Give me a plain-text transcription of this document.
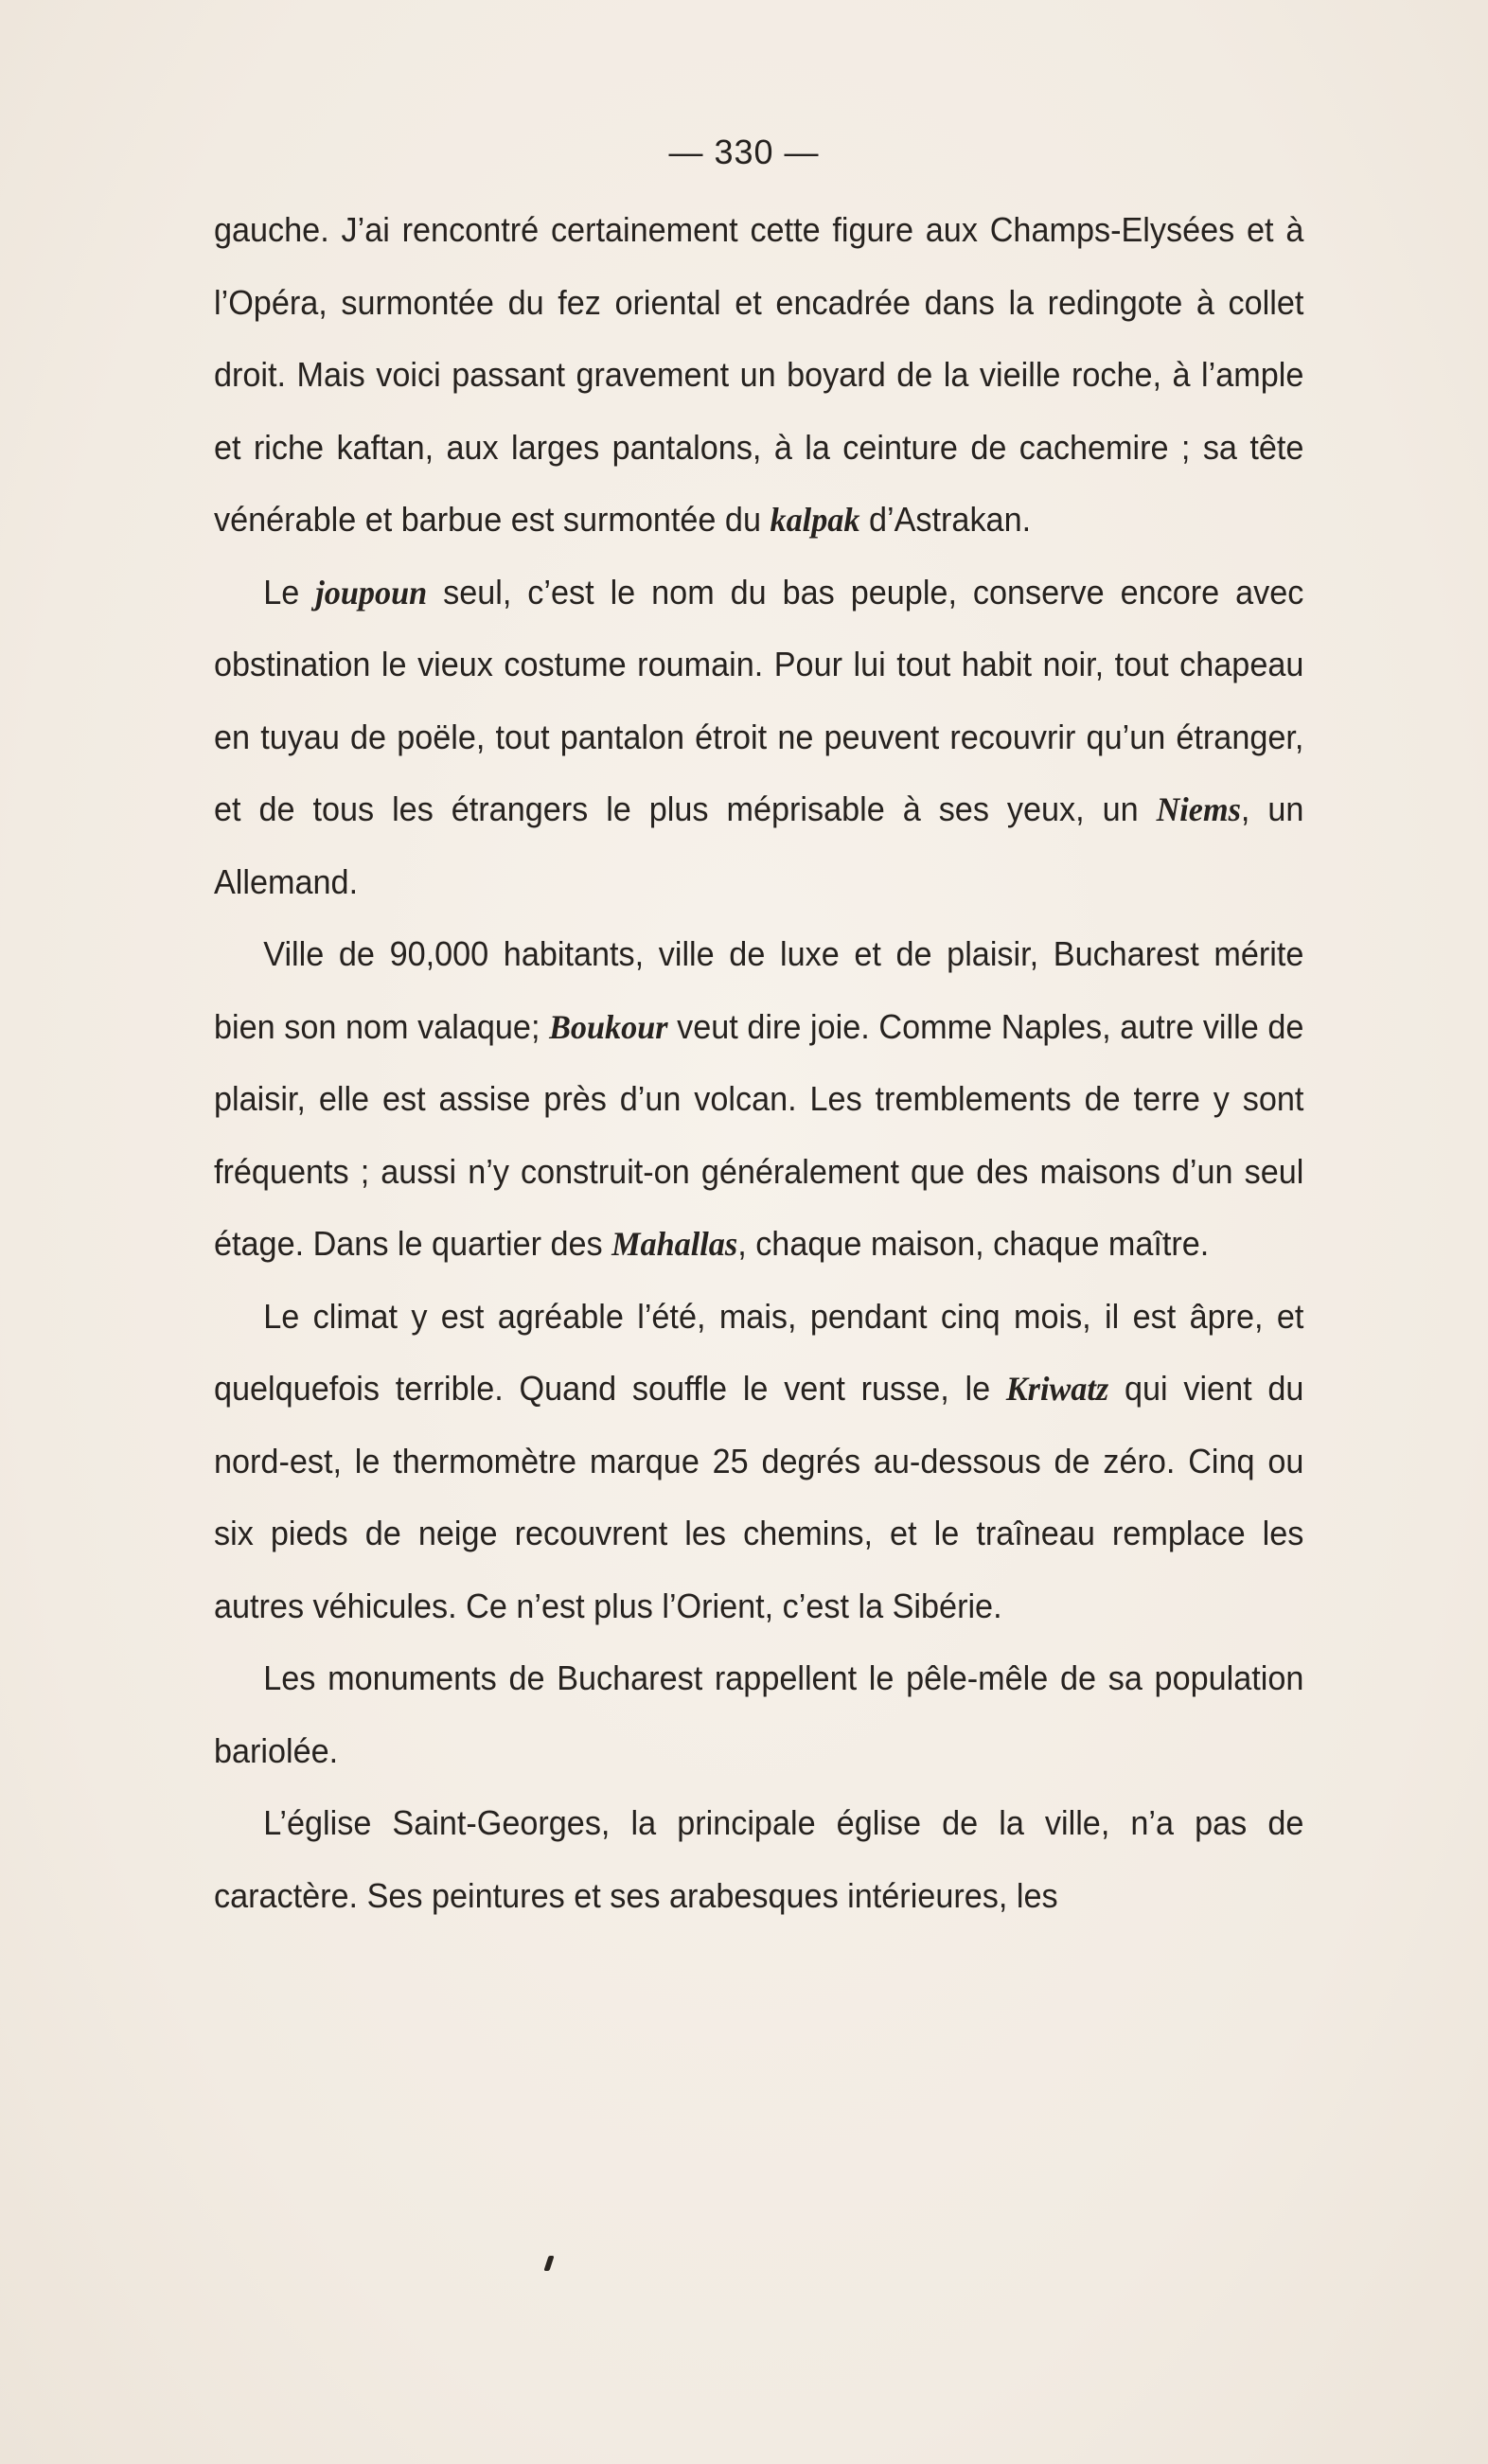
— 330 —

gauche. J’ai rencontré certainement cette figure aux Champs-Elysées et à l’Opéra, surmontée du fez oriental et encadrée dans la redingote à collet droit. Mais voici passant gravement un boyard de la vieille roche, à l’ample et riche kaftan, aux larges pantalons, à la ceinture de cachemire ; sa tête vénérable et barbue est surmontée du kalpak d’Astrakan.

Le joupoun seul, c’est le nom du bas peuple, conserve encore avec obstination le vieux costume roumain. Pour lui tout habit noir, tout chapeau en tuyau de poële, tout pantalon étroit ne peuvent recouvrir qu’un étranger, et de tous les étrangers le plus méprisable à ses yeux, un Niems, un Allemand.

Ville de 90,000 habitants, ville de luxe et de plaisir, Bucharest mérite bien son nom valaque; Boukour veut dire joie. Comme Naples, autre ville de plaisir, elle est assise près d’un volcan. Les tremblements de terre y sont fréquents ; aussi n’y construit-on généralement que des maisons d’un seul étage. Dans le quartier des Mahallas, chaque maison, chaque maître.

Le climat y est agréable l’été, mais, pendant cinq mois, il est âpre, et quelquefois terrible. Quand souffle le vent russe, le Kriwatz qui vient du nord-est, le thermomètre marque 25 degrés au-dessous de zéro. Cinq ou six pieds de neige recouvrent les chemins, et le traîneau remplace les autres véhicules. Ce n’est plus l’Orient, c’est la Sibérie.

Les monuments de Bucharest rappellent le pêle-mêle de sa population bariolée.

L’église Saint-Georges, la principale église de la ville, n’a pas de caractère. Ses peintures et ses arabesques intérieures, les
